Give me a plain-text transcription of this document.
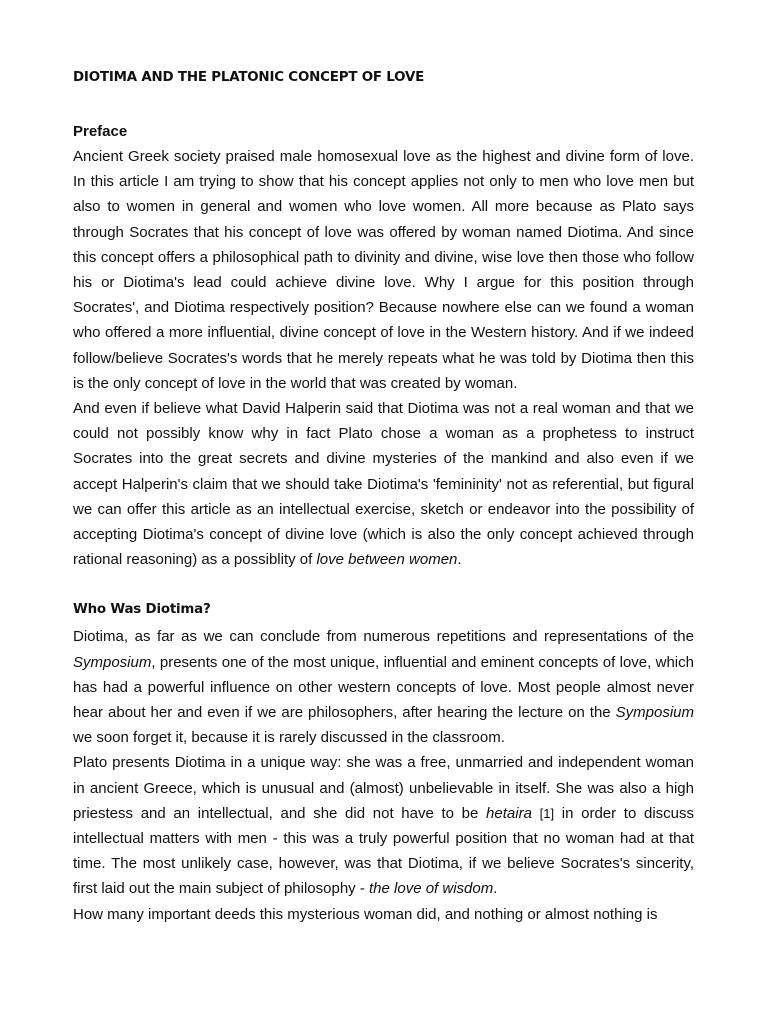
DIOTIMA AND THE PLATONIC CONCEPT OF LOVE
Preface

Ancient Greek society praised male homosexual love as the highest and divine form of love. In this article I am trying to show that his concept applies not only to men who love men but also to women in general and women who love women. All more because as Plato says through Socrates that his concept of love was offered by woman named Diotima. And since this concept offers a philosophical path to divinity and divine, wise love then those who follow his or Diotima's lead could achieve divine love. Why I argue for this position through Socrates', and Diotima respectively position? Because nowhere else can we found a woman who offered a more influential, divine concept of love in the Western history. And if we indeed follow/believe Socrates's words that he merely repeats what he was told by Diotima then this is the only concept of love in the world that was created by woman.

And even if believe what David Halperin said that Diotima was not a real woman and that we could not possibly know why in fact Plato chose a woman as a prophetess to instruct Socrates into the great secrets and divine mysteries of the mankind and also even if we accept Halperin's claim that we should take Diotima's 'femininity' not as referential, but figural we can offer this article as an intellectual exercise, sketch or endeavor into the possibility of accepting Diotima's concept of divine love (which is also the only concept achieved through rational reasoning) as a possiblity of love between women.

Who Was Diotima?

Diotima, as far as we can conclude from numerous repetitions and representations of the Symposium, presents one of the most unique, influential and eminent concepts of love, which has had a powerful influence on other western concepts of love. Most people almost never hear about her and even if we are philosophers, after hearing the lecture on the Symposium we soon forget it, because it is rarely discussed in the classroom.

Plato presents Diotima in a unique way: she was a free, unmarried and independent woman in ancient Greece, which is unusual and (almost) unbelievable in itself. She was also a high priestess and an intellectual, and she did not have to be hetaira [1] in order to discuss intellectual matters with men - this was a truly powerful position that no woman had at that time. The most unlikely case, however, was that Diotima, if we believe Socrates's sincerity, first laid out the main subject of philosophy - the love of wisdom.

How many important deeds this mysterious woman did, and nothing or almost nothing is
